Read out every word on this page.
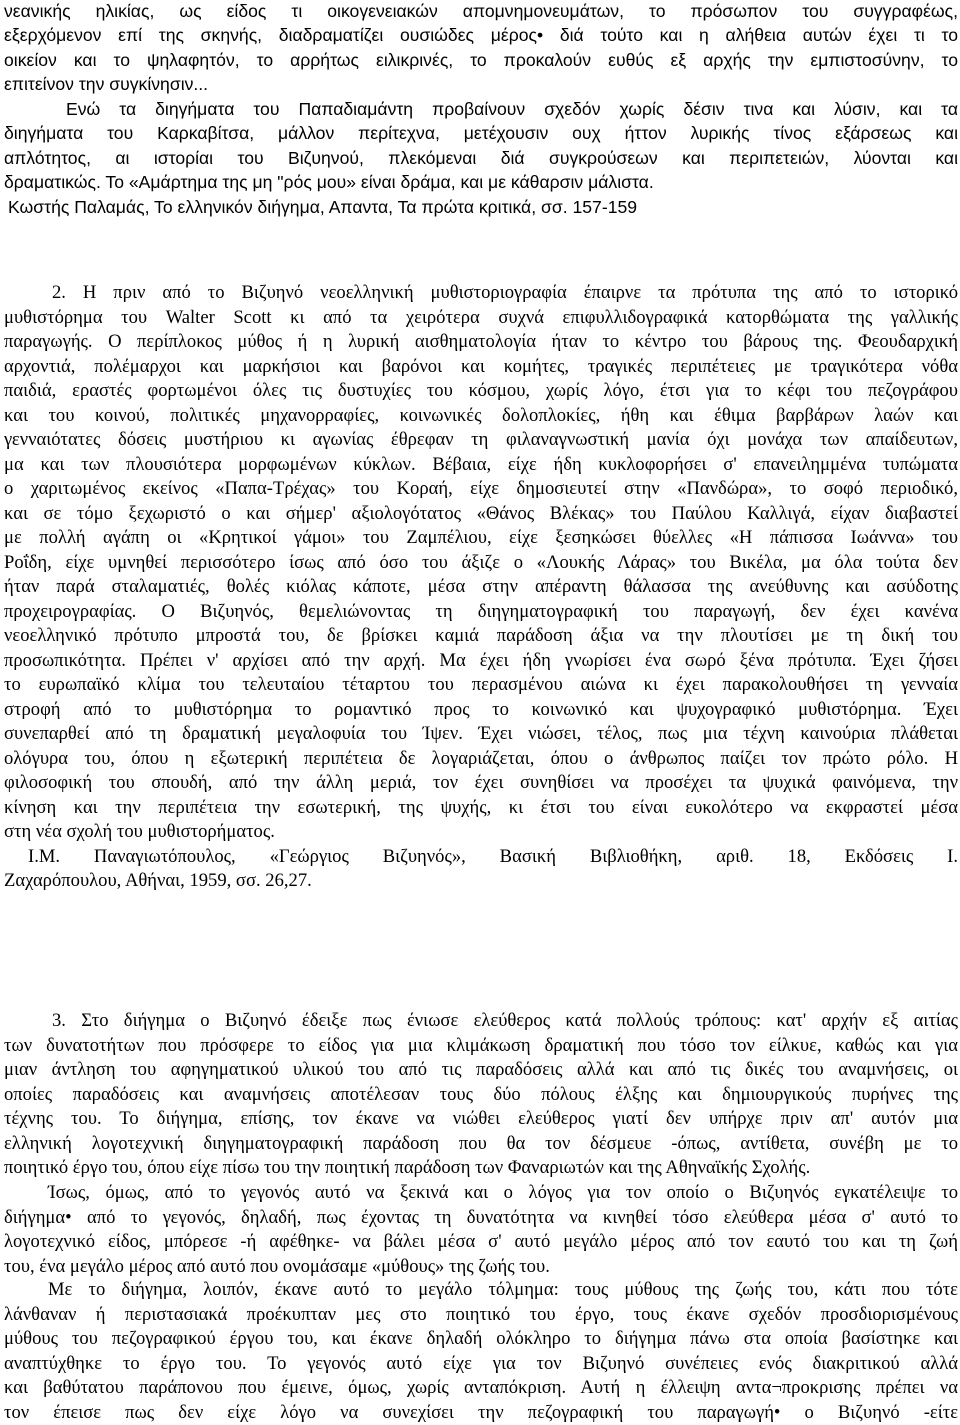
νεανικής ηλικίας, ως είδος τι οικογενειακών απομνημονευμάτων, το πρόσωπον του συγγραφέως,
εξερχόμενον επί της σκηνής, διαδραματίζει ουσιώδες μέρος• διά τούτο και η αλήθεια αυτών έχει τι το
οικείον και το ψηλαφητόν, το αρρήτως ειλικρινές, το προκαλούν ευθύς εξ αρχής την εμπιστοσύνην, το
επιτείνον την συγκίνησιν...
Ενώ τα διηγήματα του Παπαδιαμάντη προβαίνουν σχεδόν χωρίς δέσιν τινα και λύσιν, και τα
διηγήματα του Καρκαβίτσα, μάλλον περίτεχνα, μετέχουσιν ουχ ήττον λυρικής τίνος εξάρσεως και
απλότητος, αι ιστορίαι του Βιζυηνού, πλεκόμεναι διά συγκρούσεων και περιπετειών, λύονται και
δραματικώς. Το «Αμάρτημα της μη "ρός μου» είναι δράμα, και με κάθαρσιν μάλιστα.
Κωστής Παλαμάς, Το ελληνικόν διήγημα, Απαντα, Τα πρώτα κριτικά, σσ. 157-159
2. Η πριν από το Βιζυηνό νεοελληνική μυθιστοριογραφία έπαιρνε τα πρότυπα της από το ιστορικό
μυθιστόρημα του Walter Scott κι από τα χειρότερα συχνά επιφυλλιδογραφικά κατορθώματα της γαλλικής
παραγωγής. Ο περίπλοκος μύθος ή η λυρική αισθηματολογία ήταν το κέντρο του βάρους της. Φεουδαρχική
αρχοντιά, πολέμαρχοι και μαρκήσιοι και βαρόνοι και κομήτες, τραγικές περιπέτειες με τραγικότερα νόθα
παιδιά, εραστές φορτωμένοι όλες τις δυστυχίες του κόσμου, χωρίς λόγο, έτσι για το κέφι του πεζογράφου
και του κοινού, πολιτικές μηχανορραφίες, κοινωνικές δολοπλοκίες, ήθη και έθιμα βαρβάρων λαών και
γενναιότατες δόσεις μυστήριου κι αγωνίας έθρεφαν τη φιλαναγνωστική μανία όχι μονάχα των απαίδευτων,
μα και των πλουσιότερα μορφωμένων κύκλων. Βέβαια, είχε ήδη κυκλοφορήσει σ' επανειλημμένα τυπώματα
ο χαριτωμένος εκείνος «Παπα-Τρέχας» του Κοραή, είχε δημοσιευτεί στην «Πανδώρα», το σοφό περιοδικό,
και σε τόμο ξεχωριστό ο και σήμερ' αξιολογότατος «Θάνος Βλέκας» του Παύλου Καλλιγά, είχαν διαβαστεί
με πολλή αγάπη οι «Κρητικοί γάμοι» του Ζαμπέλιου, είχε ξεσηκώσει θύελλες «Η πάπισσα Ιωάννα» του
Ροΐδη, είχε υμνηθεί περισσότερο ίσως από όσο του άξιζε ο «Λουκής Λάρας» του Βικέλα, μα όλα τούτα δεν
ήταν παρά σταλαματιές, θολές κιόλας κάποτε, μέσα στην απέραντη θάλασσα της ανεύθυνης και ασύδοτης
προχειρογραφίας. Ο Βιζυηνός, θεμελιώνοντας τη διηγηματογραφική του παραγωγή, δεν έχει κανένα
νεοελληνικό πρότυπο μπροστά του, δε βρίσκει καμιά παράδοση άξια να την πλουτίσει με τη δική του
προσωπικότητα. Πρέπει ν' αρχίσει από την αρχή. Μα έχει ήδη γνωρίσει ένα σωρό ξένα πρότυπα. Έχει ζήσει
το ευρωπαϊκό κλίμα του τελευταίου τέταρτου του περασμένου αιώνα κι έχει παρακολουθήσει τη γενναία
στροφή από το μυθιστόρημα το ρομαντικό προς το κοινωνικό και ψυχογραφικό μυθιστόρημα. Έχει
συνεπαρθεί από τη δραματική μεγαλοφυία του Ίψεν. Έχει νιώσει, τέλος, πως μια τέχνη καινούρια πλάθεται
ολόγυρα του, όπου η εξωτερική περιπέτεια δε λογαριάζεται, όπου ο άνθρωπος παίζει τον πρώτο ρόλο. Η
φιλοσοφική του σπουδή, από την άλλη μεριά, τον έχει συνηθίσει να προσέχει τα ψυχικά φαινόμενα, την
κίνηση και την περιπέτεια την εσωτερική, της ψυχής, κι έτσι του είναι ευκολότερο να εκφραστεί μέσα
στη νέα σχολή του μυθιστορήματος.
Ι.Μ. Παναγιωτόπουλος, «Γεώργιος Βιζυηνός», Βασική Βιβλιοθήκη, αριθ. 18, Εκδόσεις Ι.
Ζαχαρόπουλου, Αθήναι, 1959, σσ. 26,27.
3. Στο διήγημα ο Βιζυηνό έδειξε πως ένιωσε ελεύθερος κατά πολλούς τρόπους: κατ' αρχήν εξ αιτίας
των δυνατοτήτων που πρόσφερε το είδος για μια κλιμάκωση δραματική που τόσο τον είλκυε, καθώς και για
μιαν άντληση του αφηγηματικού υλικού του από τις παραδόσεις αλλά και από τις δικές του αναμνήσεις, οι
οποίες παραδόσεις και αναμνήσεις αποτέλεσαν τους δύο πόλους έλξης και δημιουργικούς πυρήνες της
τέχνης του. Το διήγημα, επίσης, τον έκανε να νιώθει ελεύθερος γιατί δεν υπήρχε πριν απ' αυτόν μια
ελληνική λογοτεχνική διηγηματογραφική παράδοση που θα τον δέσμευε -όπως, αντίθετα, συνέβη με το
ποιητικό έργο του, όπου είχε πίσω του την ποιητική παράδοση των Φαναριωτών και της Αθηναϊκής Σχολής.
Ίσως, όμως, από το γεγονός αυτό να ξεκινά και ο λόγος για τον οποίο ο Βιζυηνός εγκατέλειψε το
διήγημα• από το γεγονός, δηλαδή, πως έχοντας τη δυνατότητα να κινηθεί τόσο ελεύθερα μέσα σ' αυτό το
λογοτεχνικό είδος, μπόρεσε -ή αφέθηκε- να βάλει μέσα σ' αυτό μεγάλο μέρος από τον εαυτό του και τη ζωή
του, ένα μεγάλο μέρος από αυτό που ονομάσαμε «μύθους» της ζωής του.
Με το διήγημα, λοιπόν, έκανε αυτό το μεγάλο τόλμημα: τους μύθους της ζωής του, κάτι που τότε
λάνθαναν ή περιστασιακά προέκυπταν μες στο ποιητικό του έργο, τους έκανε σχεδόν προσδιορισμένους
μύθους του πεζογραφικού έργου του, και έκανε δηλαδή ολόκληρο το διήγημα πάνω στα οποία βασίστηκε και
αναπτύχθηκε το έργο του. Το γεγονός αυτό είχε για τον Βιζυηνό συνέπειες ενός διακριτικού αλλά
και βαθύτατου παράπονου που έμεινε, όμως, χωρίς ανταπόκριση. Αυτή η έλλειψη αντα¬προκρισης πρέπει να
τον έπεισε πως δεν είχε λόγο να συνεχίσει την πεζογραφική του παραγωγή• ο Βιζυηνό -είτε
